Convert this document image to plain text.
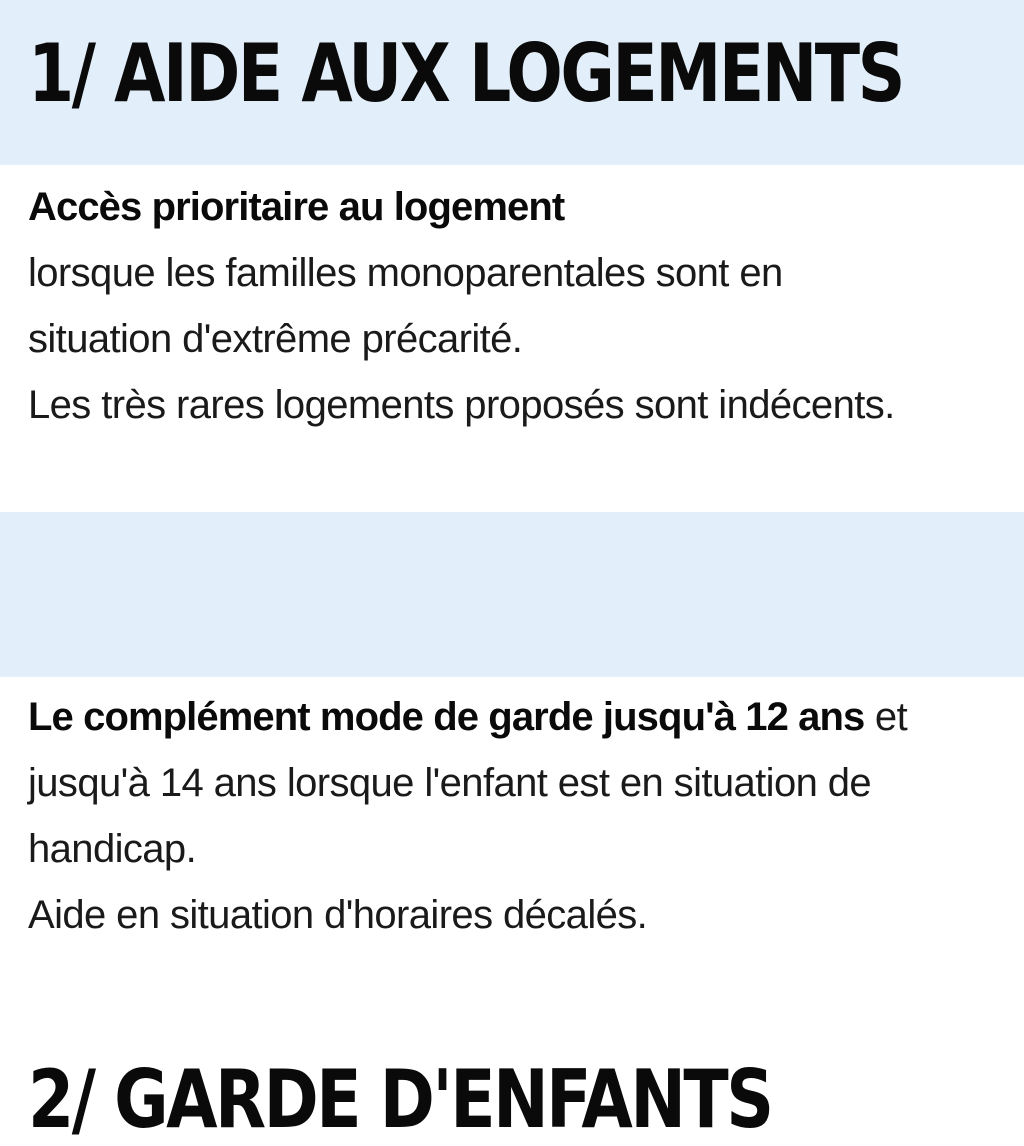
1/ AIDE AUX LOGEMENTS
Accès prioritaire au logement
lorsque les familles monoparentales sont en
situation d'extrême précarité.
Les très rares logements proposés sont indécents.
2/ GARDE D'ENFANTS
Le complément mode de garde jusqu'à 12 ans et
jusqu'à 14 ans lorsque l'enfant est en situation de
handicap.
Aide en situation d'horaires décalés.
